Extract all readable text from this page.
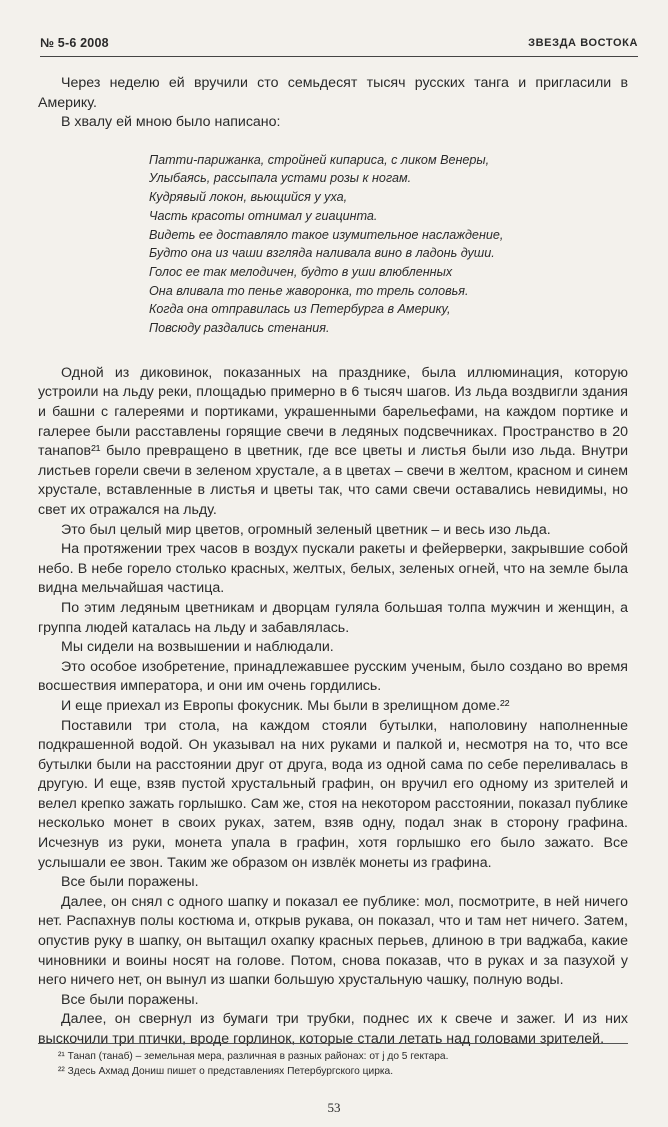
№ 5-6 2008	ЗВЕЗДА ВОСТОКА

Через неделю ей вручили сто семьдесят тысяч русских танга и пригласили в Америку.

В хвалу ей мною было написано:

Патти-парижанка, стройней кипариса, с ликом Венеры,
Улыбаясь, рассыпала устами розы к ногам.
Кудрявый локон, вьющийся у уха,
Часть красоты отнимал у гиацинта.
Видеть ее доставляло такое изумительное наслаждение,
Будто она из чаши взгляда наливала вино в ладонь души.
Голос ее так мелодичен, будто в уши влюбленных
Она вливала то пенье жаворонка, то трель соловья.
Когда она отправилась из Петербурга в Америку,
Повсюду раздались стенания.

Одной из диковинок, показанных на празднике, была иллюминация, которую устроили на льду реки, площадью примерно в 6 тысяч шагов. Из льда воздвигли здания и башни с галереями и портиками, украшенными барельефами, на каждом портике и галерее были расставлены горящие свечи в ледяных подсвечниках. Пространство в 20 танапов²¹ было превращено в цветник, где все цветы и листья были изо льда. Внутри листьев горели свечи в зеленом хрустале, а в цветах – свечи в желтом, красном и синем хрустале, вставленные в листья и цветы так, что сами свечи оставались невидимы, но свет их отражался на льду.

Это был целый мир цветов, огромный зеленый цветник – и весь изо льда.

На протяжении трех часов в воздух пускали ракеты и фейерверки, закрывшие собой небо. В небе горело столько красных, желтых, белых, зеленых огней, что на земле была видна мельчайшая частица.

По этим ледяным цветникам и дворцам гуляла большая толпа мужчин и женщин, а группа людей каталась на льду и забавлялась.

Мы сидели на возвышении и наблюдали.

Это особое изобретение, принадлежавшее русским ученым, было создано во время восшествия императора, и они им очень гордились.

И еще приехал из Европы фокусник. Мы были в зрелищном доме.²²

Поставили три стола, на каждом стояли бутылки, наполовину наполненные подкрашенной водой. Он указывал на них руками и палкой и, несмотря на то, что все бутылки были на расстоянии друг от друга, вода из одной сама по себе переливалась в другую. И еще, взяв пустой хрустальный графин, он вручил его одному из зрителей и велел крепко зажать горлышко. Сам же, стоя на некотором расстоянии, показал публике несколько монет в своих руках, затем, взяв одну, подал знак в сторону графина. Исчезнув из руки, монета упала в графин, хотя горлышко его было зажато. Все услышали ее звон. Таким же образом он извлёк монеты из графина.

Все были поражены.

Далее, он снял с одного шапку и показал ее публике: мол, посмотрите, в ней ничего нет. Распахнув полы костюма и, открыв рукава, он показал, что и там нет ничего. Затем, опустив руку в шапку, он вытащил охапку красных перьев, длиною в три ваджаба, какие чиновники и воины носят на голове. Потом, снова показав, что в руках и за пазухой у него ничего нет, он вынул из шапки большую хрустальную чашку, полную воды.

Все были поражены.

Далее, он свернул из бумаги три трубки, поднес их к свече и зажег. И из них выскочили три птички, вроде горлинок, которые стали летать над головами зрителей.

²¹ Танап (танаб) – земельная мера, различная в разных районах: от ј до 5 гектара.
²² Здесь Ахмад Дониш пишет о представлениях Петербургского цирка.
53
